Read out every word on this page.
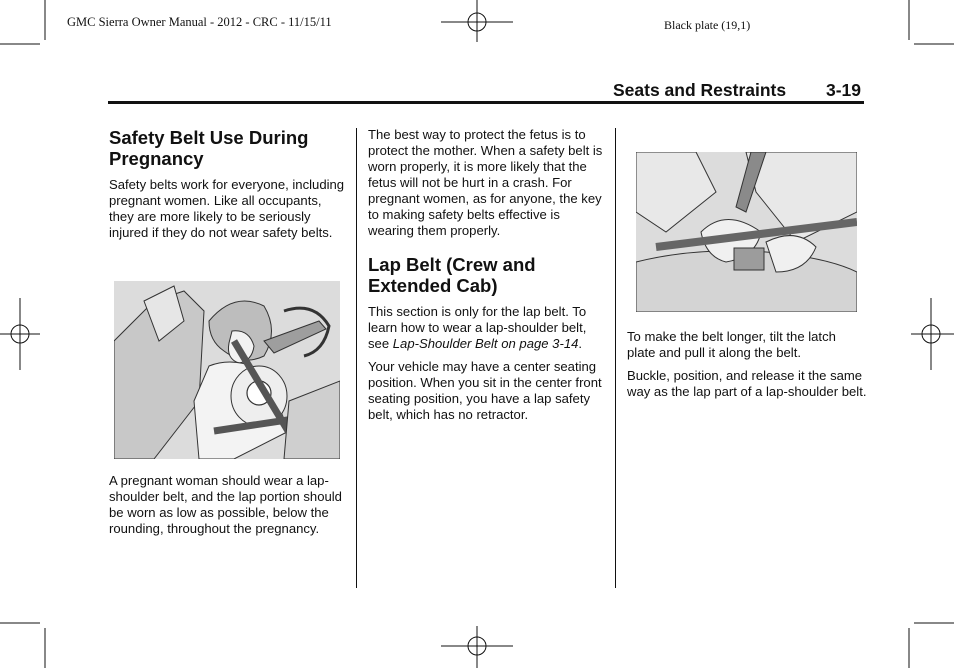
GMC Sierra Owner Manual - 2012 - CRC - 11/15/11	Black plate (19,1)
Seats and Restraints 3-19
Safety Belt Use During Pregnancy

Safety belts work for everyone, including pregnant women. Like all occupants, they are more likely to be seriously injured if they do not wear safety belts.

A pregnant woman should wear a lap-shoulder belt, and the lap portion should be worn as low as possible, below the rounding, throughout the pregnancy.

The best way to protect the fetus is to protect the mother. When a safety belt is worn properly, it is more likely that the fetus will not be hurt in a crash. For pregnant women, as for anyone, the key to making safety belts effective is wearing them properly.

Lap Belt (Crew and Extended Cab)

This section is only for the lap belt. To learn how to wear a lap-shoulder belt, see Lap-Shoulder Belt on page 3-14.

Your vehicle may have a center seating position. When you sit in the center front seating position, you have a lap safety belt, which has no retractor.

To make the belt longer, tilt the latch plate and pull it along the belt.

Buckle, position, and release it the same way as the lap part of a lap-shoulder belt.
